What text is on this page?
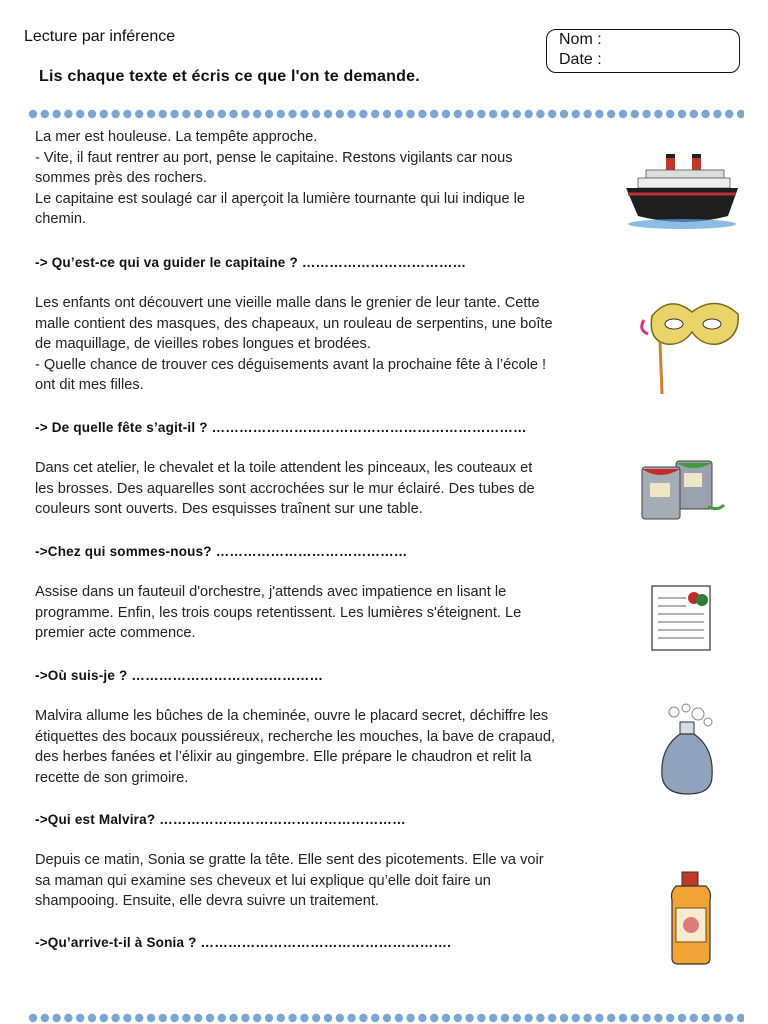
Lecture par inférence	Nom :
Date :
Lis chaque texte et écris ce que l'on te demande.

La mer est houleuse. La tempête approche.

- Vite, il faut rentrer au port, pense le capitaine. Restons vigilants car nous

sommes près des rochers.

Le capitaine est soulagé car il aperçoit la lumière tournante qui lui indique le

chemin.

-> Qu’est-ce qui va guider le capitaine ? ………………………………

Les enfants ont découvert une vieille malle dans le grenier de leur tante. Cette

malle contient des masques, des chapeaux, un rouleau de serpentins, une boîte

de maquillage, de vieilles robes longues et brodées.

- Quelle chance de trouver ces déguisements avant la prochaine fête à l’école !

ont dit mes filles.

-> De quelle fête s’agit-il ? ……………………………………………………………

Dans cet atelier, le chevalet et la toile attendent les pinceaux, les couteaux et

les brosses. Des aquarelles sont accrochées sur le mur éclairé. Des tubes de

couleurs sont ouverts. Des esquisses traînent sur une table.

->Chez qui sommes-nous? ……………………………………

Assise dans un fauteuil d'orchestre, j'attends avec impatience en lisant le

programme. Enfin, les trois coups retentissent. Les lumières s'éteignent. Le

premier acte commence.

->Où suis-je ? ……………………………………

Malvira allume les bûches de la cheminée, ouvre le placard secret, déchiffre les

étiquettes des bocaux poussiéreux, recherche les mouches, la bave de crapaud,

des herbes fanées et l’élixir au gingembre. Elle prépare le chaudron et relit la

recette de son grimoire.

->Qui est Malvira? ………………………………………………

Depuis ce matin, Sonia se gratte la tête. Elle sent des picotements. Elle va voir

sa maman qui examine ses cheveux et lui explique qu’elle doit faire un

shampooing. Ensuite, elle devra suivre un traitement.

->Qu’arrive-t-il à Sonia ? ……………………………………………….
